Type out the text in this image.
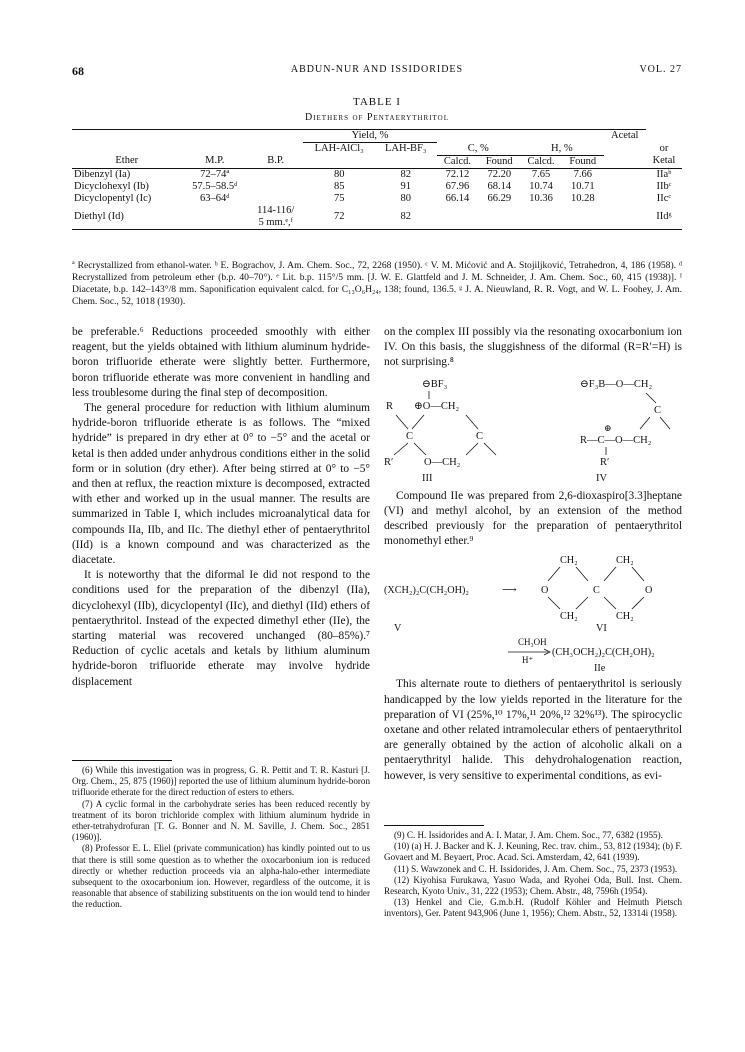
68	ABDUN-NUR AND ISSIDORIDES	VOL. 27
TABLE I
Diethers of Pentaerythritol
			Yield, %						Acetal	
			LAH-AlCl₃	LAH-BF₃	C, %		H, %			or
Ether	M.P.	B.P.			Calcd.	Found	Calcd.	Found		Ketal
Dibenzyl (Ia)	72–74ª		80	82	72.12	72.20	7.65	7.66		IIaᵇ
Dicyclohexyl (Ib)	57.5–58.5ᵈ		85	91	67.96	68.14	10.74	10.71		IIbᶜ
Dicyclopentyl (Ic)	63–64ᵈ		75	80	66.14	66.29	10.36	10.28		IIcᶜ
Diethyl (Id)		114-116/
5 mm.ᵉ,ᶠ	72	82						IIdᵍ
ª Recrystallized from ethanol-water. ᵇ E. Bograchov, J. Am. Chem. Soc., 72, 2268 (1950). ᶜ V. M. Mićović and A. Stojiljković, Tetrahedron, 4, 186 (1958). ᵈ Recrystallized from petroleum ether (b.p. 40–70°). ᵉ Lit. b.p. 115°/5 mm. [J. W. E. Glattfeld and J. M. Schneider, J. Am. Chem. Soc., 60, 415 (1938)]. ᶠ Diacetate, b.p. 142–143°/8 mm. Saponification equivalent calcd. for C₁₃O₆H₂₄, 138; found, 136.5. ᵍ J. A. Nieuwland, R. R. Vogt, and W. L. Foohey, J. Am. Chem. Soc., 52, 1018 (1930).

be preferable.⁶ Reductions proceeded smoothly with either reagent, but the yields obtained with lithium aluminum hydride-boron trifluoride etherate were slightly better. Furthermore, boron trifluoride etherate was more convenient in handling and less troublesome during the final step of decomposition.

The general procedure for reduction with lithium aluminum hydride-boron trifluoride etherate is as follows. The “mixed hydride” is prepared in dry ether at 0° to −5° and the acetal or ketal is then added under anhydrous conditions either in the solid form or in solution (dry ether). After being stirred at 0° to −5° and then at reflux, the reaction mixture is decomposed, extracted with ether and worked up in the usual manner. The results are summarized in Table I, which includes microanalytical data for compounds IIa, IIb, and IIc. The diethyl ether of pentaerythritol (IId) is a known compound and was characterized as the diacetate.

It is noteworthy that the diformal Ie did not respond to the conditions used for the preparation of the dibenzyl (IIa), dicyclohexyl (IIb), dicyclopentyl (IIc), and diethyl (IId) ethers of pentaerythritol. Instead of the expected dimethyl ether (IIe), the starting material was recovered unchanged (80–85%).⁷ Reduction of cyclic acetals and ketals by lithium aluminum hydride-boron trifluoride etherate may involve hydride displacement

on the complex III possibly via the resonating oxocarbonium ion IV. On this basis, the sluggishness of the diformal (R=R′=H) is not surprising.⁸

⊖BF₃
R ⊕O—CH₂
C	C
R′	O—CH₂
III
⊖F₃B—O—CH₂
C
⊕
R—C—O—CH₂
R′
IV

Compound IIe was prepared from 2,6-dioxaspiro[3.3]heptane (VI) and methyl alcohol, by an extension of the method described previously for the preparation of pentaerythritol monomethyl ether.⁹

CH₂	CH₂
(XCH₂)₂C(CH₂OH)₂	⟶ O	C	O
CH₂	CH₂
V	VI
CH₃OH
(CH₃OCH₂)₂C(CH₂OH)₂
H⁺
IIe

This alternate route to diethers of pentaerythritol is seriously handicapped by the low yields reported in the literature for the preparation of VI (25%,¹⁰ 17%,¹¹ 20%,¹² 32%¹³). The spirocyclic oxetane and other related intramolecular ethers of pentaerythritol are generally obtained by the action of alcoholic alkali on a pentaerythrityl halide. This dehydrohalogenation reaction, however, is very sensitive to experimental conditions, as evi-

(6) While this investigation was in progress, G. R. Pettit and T. R. Kasturi [J. Org. Chem., 25, 875 (1960)] reported the use of lithium aluminum hydride-boron trifluoride etherate for the direct reduction of esters to ethers.

(7) A cyclic formal in the carbohydrate series has been reduced recently by treatment of its boron trichloride complex with lithium aluminum hydride in ether-tetrahydrofuran [T. G. Bonner and N. M. Saville, J. Chem. Soc., 2851 (1960)].

(8) Professor E. L. Eliel (private communication) has kindly pointed out to us that there is still some question as to whether the oxocarbonium ion is reduced directly or whether reduction proceeds via an alpha-halo-ether intermediate subsequent to the oxocarbonium ion. However, regardless of the outcome, it is reasonable that absence of stabilizing substituents on the ion would tend to hinder the reduction.

(9) C. H. Issidorides and A. I. Matar, J. Am. Chem. Soc., 77, 6382 (1955).

(10) (a) H. J. Backer and K. J. Keuning, Rec. trav. chim., 53, 812 (1934); (b) F. Govaert and M. Beyaert, Proc. Acad. Sci. Amsterdam, 42, 641 (1939).

(11) S. Wawzonek and C. H. Issidorides, J. Am. Chem. Soc., 75, 2373 (1953).

(12) Kiyohisa Furukawa, Yasuo Wada, and Ryohei Oda, Bull. Inst. Chem. Research, Kyoto Univ., 31, 222 (1953); Chem. Abstr., 48, 7596h (1954).

(13) Henkel and Cie, G.m.b.H. (Rudolf Köhler and Helmuth Pietsch inventors), Ger. Patent 943,906 (June 1, 1956); Chem. Abstr., 52, 13314i (1958).
